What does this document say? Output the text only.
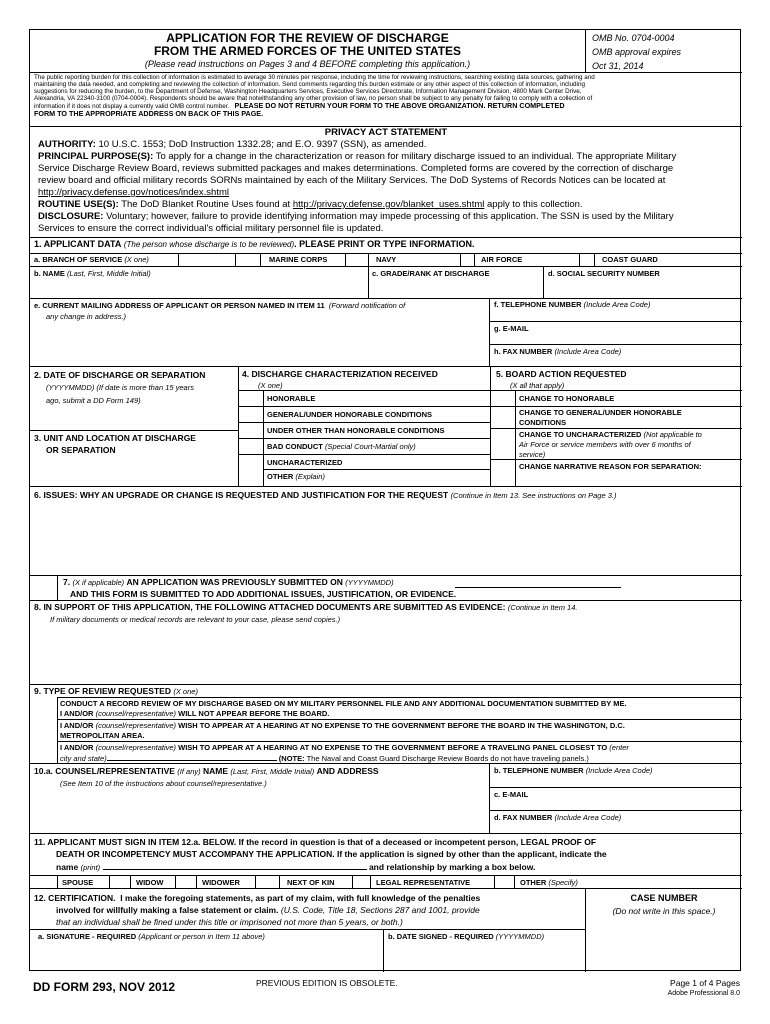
APPLICATION FOR THE REVIEW OF DISCHARGE
FROM THE ARMED FORCES OF THE UNITED STATES
(Please read instructions on Pages 3 and 4 BEFORE completing this application.)
OMB No. 0704-0004
OMB approval expires
Oct 31, 2014
The public reporting burden for this collection of information is estimated to average 30 minutes per response, including the time for reviewing instructions, searching existing data sources, gathering and
maintaining the data needed, and completing and reviewing the collection of information. Send comments regarding this burden estimate or any other aspect of this collection of information, including
suggestions for reducing the burden, to the Department of Defense, Washington Headquarters Services, Executive Services Directorate, Information Management Division, 4800 Mark Center Drive,
Alexandria, VA 22340-3100 (0704-0004). Respondents should be aware that notwithstanding any other provision of law, no person shall be subject to any penalty for failing to comply with a collection of
information if it does not display a currently valid OMB control number. PLEASE DO NOT RETURN YOUR FORM TO THE ABOVE ORGANIZATION. RETURN COMPLETED
FORM TO THE APPROPRIATE ADDRESS ON BACK OF THIS PAGE.
PRIVACY ACT STATEMENT
AUTHORITY: 10 U.S.C. 1553; DoD Instruction 1332.28; and E.O. 9397 (SSN), as amended.
PRINCIPAL PURPOSE(S): To apply for a change in the characterization or reason for military discharge issued to an individual. The appropriate Military
Service Discharge Review Board, reviews submitted packages and makes determinations. Completed forms are covered by the correction of discharge
review board and official military records SORNs maintained by each of the Military Services. The DoD Systems of Records Notices can be located at
http://privacy.defense.gov/notices/index.shtml
ROUTINE USE(S): The DoD Blanket Routine Uses found at http://privacy.defense.gov/blanket_uses.shtml apply to this collection.
DISCLOSURE: Voluntary; however, failure to provide identifying information may impede processing of this application. The SSN is used by the Military
Services to ensure the correct individual's official military personnel file is updated.
1. APPLICANT DATA (The person whose discharge is to be reviewed). PLEASE PRINT OR TYPE INFORMATION.
a. BRANCH OF SERVICE (X one)	MARINE CORPS	NAVY	AIR FORCE	COAST GUARD
b. NAME (Last, First, Middle Initial)	c. GRADE/RANK AT DISCHARGE	d. SOCIAL SECURITY NUMBER
e. CURRENT MAILING ADDRESS OF APPLICANT OR PERSON NAMED IN ITEM 11 (Forward notification of
any change in address.)
f. TELEPHONE NUMBER (Include Area Code)
g. E-MAIL
h. FAX NUMBER (Include Area Code)
2. DATE OF DISCHARGE OR SEPARATION
(YYYYMMDD) (If date is more than 15 years
ago, submit a DD Form 149)
3. UNIT AND LOCATION AT DISCHARGE
OR SEPARATION
4. DISCHARGE CHARACTERIZATION RECEIVED
(X one)
HONORABLE
GENERAL/UNDER HONORABLE CONDITIONS
UNDER OTHER THAN HONORABLE CONDITIONS
BAD CONDUCT (Special Court-Martial only)
UNCHARACTERIZED
OTHER (Explain)
5. BOARD ACTION REQUESTED
(X all that apply)
CHANGE TO HONORABLE
CHANGE TO GENERAL/UNDER HONORABLE
CONDITIONS
CHANGE TO UNCHARACTERIZED (Not applicable to
Air Force or service members with over 6 months of
service)
CHANGE NARRATIVE REASON FOR SEPARATION:
6. ISSUES: WHY AN UPGRADE OR CHANGE IS REQUESTED AND JUSTIFICATION FOR THE REQUEST (Continue in Item 13. See instructions on Page 3.)
7. (X if applicable) AN APPLICATION WAS PREVIOUSLY SUBMITTED ON (YYYYMMDD)
AND THIS FORM IS SUBMITTED TO ADD ADDITIONAL ISSUES, JUSTIFICATION, OR EVIDENCE.
8. IN SUPPORT OF THIS APPLICATION, THE FOLLOWING ATTACHED DOCUMENTS ARE SUBMITTED AS EVIDENCE: (Continue in Item 14.
If military documents or medical records are relevant to your case, please send copies.)
9. TYPE OF REVIEW REQUESTED (X one)
CONDUCT A RECORD REVIEW OF MY DISCHARGE BASED ON MY MILITARY PERSONNEL FILE AND ANY ADDITIONAL DOCUMENTATION SUBMITTED BY ME.
I AND/OR (counsel/representative) WILL NOT APPEAR BEFORE THE BOARD.
I AND/OR (counsel/representative) WISH TO APPEAR AT A HEARING AT NO EXPENSE TO THE GOVERNMENT BEFORE THE BOARD IN THE WASHINGTON, D.C.
METROPOLITAN AREA.
I AND/OR (counsel/representative) WISH TO APPEAR AT A HEARING AT NO EXPENSE TO THE GOVERNMENT BEFORE A TRAVELING PANEL CLOSEST TO (enter
city and state)	(NOTE: The Naval and Coast Guard Discharge Review Boards do not have traveling panels.)
10.a. COUNSEL/REPRESENTATIVE (If any) NAME (Last, First, Middle Initial) AND ADDRESS
(See Item 10 of the instructions about counsel/representative.)
b. TELEPHONE NUMBER (Include Area Code)
c. E-MAIL
d. FAX NUMBER (Include Area Code)
11. APPLICANT MUST SIGN IN ITEM 12.a. BELOW. If the record in question is that of a deceased or incompetent person, LEGAL PROOF OF
DEATH OR INCOMPETENCY MUST ACCOMPANY THE APPLICATION. If the application is signed by other than the applicant, indicate the
name (print)	and relationship by marking a box below.
SPOUSE	WIDOW	WIDOWER	NEXT OF KIN	LEGAL REPRESENTATIVE	OTHER (Specify)
12. CERTIFICATION. I make the foregoing statements, as part of my claim, with full knowledge of the penalties
involved for willfully making a false statement or claim. (U.S. Code, Title 18, Sections 287 and 1001, provide
that an individual shall be fined under this title or imprisoned not more than 5 years, or both.)
a. SIGNATURE - REQUIRED (Applicant or person in Item 11 above)	b. DATE SIGNED - REQUIRED (YYYYMMDD)
CASE NUMBER
(Do not write in this space.)
DD FORM 293, NOV 2012	PREVIOUS EDITION IS OBSOLETE.	Page 1 of 4 Pages
Adobe Professional 8.0
